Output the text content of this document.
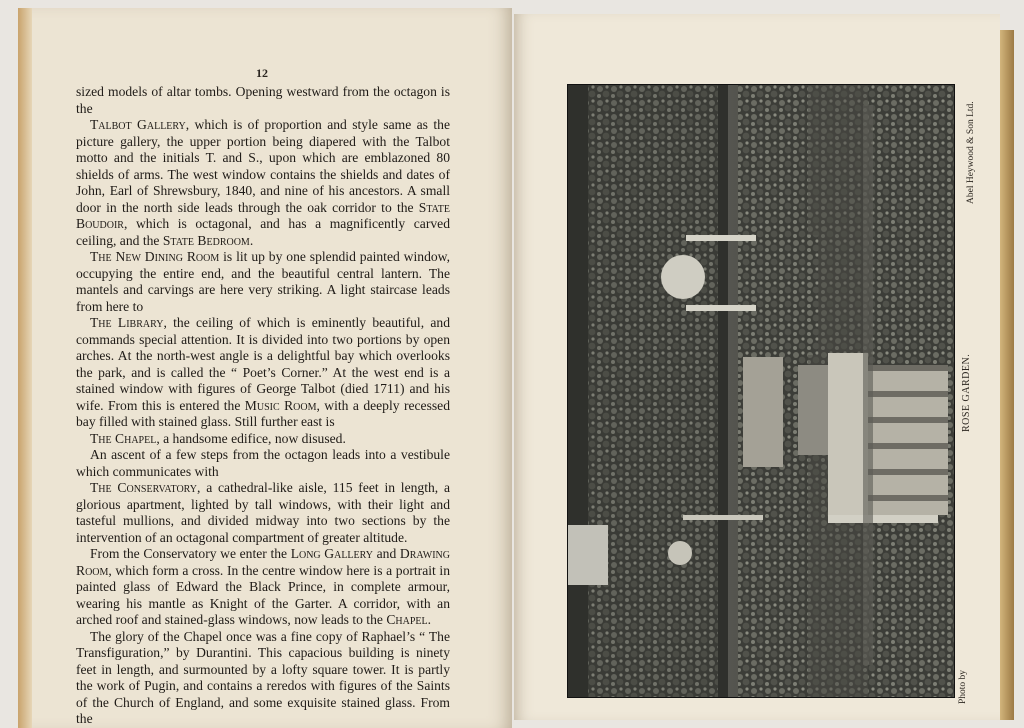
12

sized models of altar tombs. Opening westward from the octagon is the

Talbot Gallery, which is of proportion and style same as the picture gallery, the upper portion being diapered with the Talbot motto and the initials T. and S., upon which are emblazoned 80 shields of arms. The west window contains the shields and dates of John, Earl of Shrewsbury, 1840, and nine of his ancestors. A small door in the north side leads through the oak corridor to the State Boudoir, which is octagonal, and has a magnificently carved ceiling, and the State Bedroom.

The New Dining Room is lit up by one splendid painted window, occupying the entire end, and the beautiful central lantern. The mantels and carvings are here very striking. A light staircase leads from here to

The Library, the ceiling of which is eminently beautiful, and commands special attention. It is divided into two portions by open arches. At the north-west angle is a delightful bay which overlooks the park, and is called the “ Poet’s Corner.” At the west end is a stained window with figures of George Talbot (died 1711) and his wife. From this is entered the Music Room, with a deeply recessed bay filled with stained glass. Still further east is

The Chapel, a handsome edifice, now disused.

An ascent of a few steps from the octagon leads into a vestibule which communicates with

The Conservatory, a cathedral-like aisle, 115 feet in length, a glorious apartment, lighted by tall windows, with their light and tasteful mullions, and divided midway into two sections by the intervention of an octagonal compartment of greater altitude.

From the Conservatory we enter the Long Gallery and Drawing Room, which form a cross. In the centre window here is a portrait in painted glass of Edward the Black Prince, in complete armour, wearing his mantle as Knight of the Garter. A corridor, with an arched roof and stained-glass windows, now leads to the Chapel.

The glory of the Chapel once was a fine copy of Raphael’s “ The Transfiguration,” by Durantini. This capacious building is ninety feet in length, and surmounted by a lofty square tower. It is partly the work of Pugin, and contains a reredos with figures of the Saints of the Church of England, and some exquisite stained glass. From the

ROSE GARDEN.
Abel Heywood & Son Ltd.
Photo by
